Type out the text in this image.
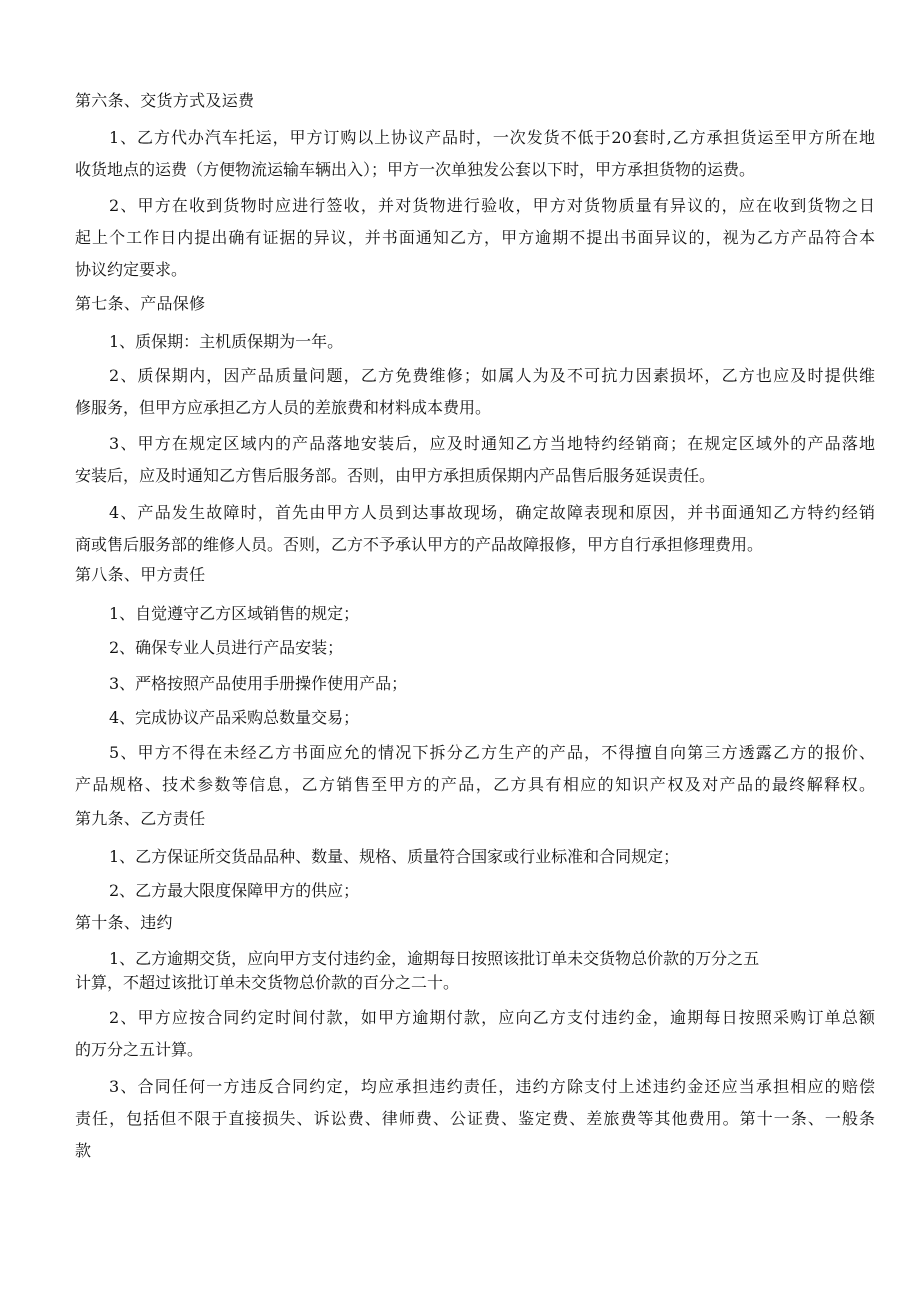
第六条、交货方式及运费
1、乙方代办汽车托运，甲方订购以上协议产品时，一次发货不低于20套时,乙方承担货运至甲方所在地
收货地点的运费（方便物流运输车辆出入）；甲方一次单独发公套以下时，甲方承担货物的运费。
2、甲方在收到货物时应进行签收，并对货物进行验收，甲方对货物质量有异议的，应在收到货物之日
起上个工作日内提出确有证据的异议，并书面通知乙方，甲方逾期不提出书面异议的，视为乙方产品符合本
协议约定要求。
第七条、产品保修
1、质保期：主机质保期为一年。
2、质保期内，因产品质量问题，乙方免费维修；如属人为及不可抗力因素损坏，乙方也应及时提供维
修服务，但甲方应承担乙方人员的差旅费和材料成本费用。
3、甲方在规定区域内的产品落地安装后，应及时通知乙方当地特约经销商；在规定区域外的产品落地
安装后，应及时通知乙方售后服务部。否则，由甲方承担质保期内产品售后服务延误责任。
4、产品发生故障时，首先由甲方人员到达事故现场，确定故障表现和原因，并书面通知乙方特约经销
商或售后服务部的维修人员。否则，乙方不予承认甲方的产品故障报修，甲方自行承担修理费用。
第八条、甲方责任
1、自觉遵守乙方区域销售的规定；
2、确保专业人员进行产品安装；
3、严格按照产品使用手册操作使用产品；
4、完成协议产品采购总数量交易；
5、甲方不得在未经乙方书面应允的情况下拆分乙方生产的产品，不得擅自向第三方透露乙方的报价、
产品规格、技术参数等信息，乙方销售至甲方的产品，乙方具有相应的知识产权及对产品的最终解释权。
第九条、乙方责任
1、乙方保证所交货品品种、数量、规格、质量符合国家或行业标准和合同规定；
2、乙方最大限度保障甲方的供应；
第十条、违约
1、乙方逾期交货，应向甲方支付违约金，逾期每日按照该批订单未交货物总价款的万分之五
计算，不超过该批订单未交货物总价款的百分之二十。
2、甲方应按合同约定时间付款，如甲方逾期付款，应向乙方支付违约金，逾期每日按照采购订单总额
的万分之五计算。
3、合同任何一方违反合同约定，均应承担违约责任，违约方除支付上述违约金还应当承担相应的赔偿
责任，包括但不限于直接损失、诉讼费、律师费、公证费、鉴定费、差旅费等其他费用。第十一条、一般条
款
